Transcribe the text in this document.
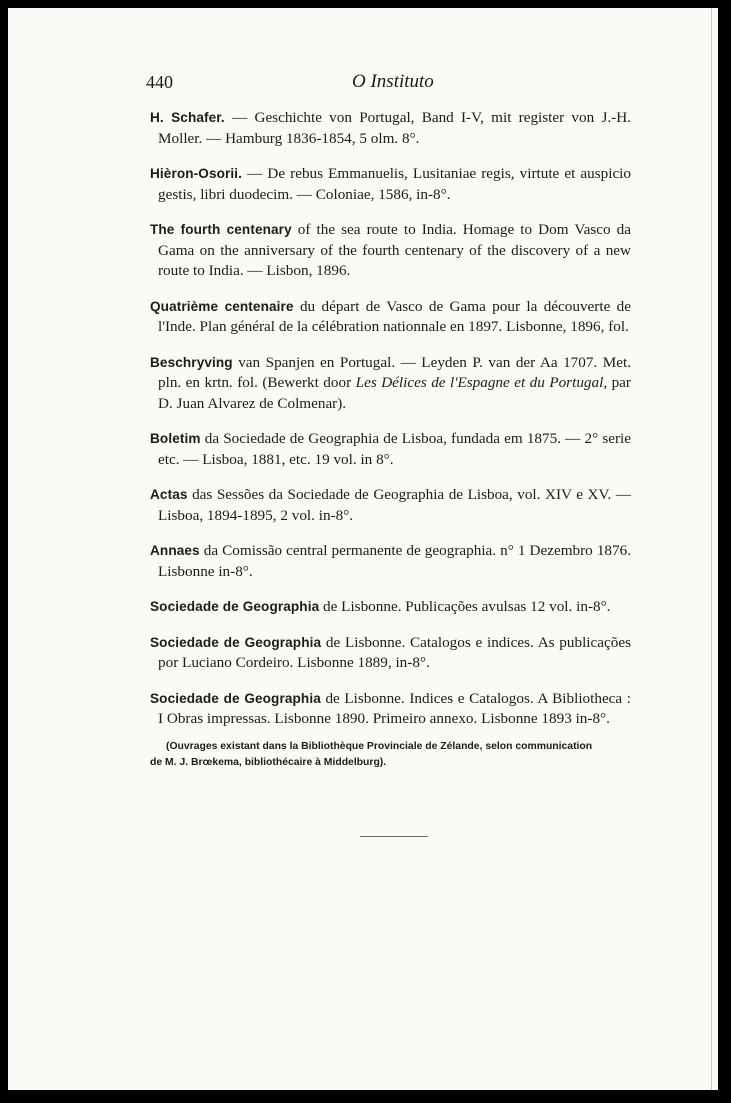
440	O Instituto

H. Schafer. — Geschichte von Portugal, Band I-V, mit register von J.-H. Moller. — Hamburg 1836-1854, 5 olm. 8°.

Hièron-Osorii. — De rebus Emmanuelis, Lusitaniae regis, virtute et auspicio gestis, libri duodecim. — Coloniae, 1586, in-8°.

The fourth centenary of the sea route to India. Homage to Dom Vasco da Gama on the anniversary of the fourth centenary of the discovery of a new route to India. — Lisbon, 1896.

Quatrième centenaire du départ de Vasco de Gama pour la découverte de l'Inde. Plan général de la célébration nationnale en 1897. Lisbonne, 1896, fol.

Beschryving van Spanjen en Portugal. — Leyden P. van der Aa 1707. Met. pln. en krtn. fol. (Bewerkt door Les Délices de l'Espagne et du Portugal, par D. Juan Alvarez de Colmenar).

Boletim da Sociedade de Geographia de Lisboa, fundada em 1875. — 2° serie etc. — Lisboa, 1881, etc. 19 vol. in 8°.

Actas das Sessões da Sociedade de Geographia de Lisboa, vol. XIV e XV. — Lisboa, 1894-1895, 2 vol. in-8°.

Annaes da Comissão central permanente de geographia. n° 1 Dezembro 1876. Lisbonne in-8°.

Sociedade de Geographia de Lisbonne. Publicações avulsas 12 vol. in-8°.

Sociedade de Geographia de Lisbonne. Catalogos e indices. As publicações por Luciano Cordeiro. Lisbonne 1889, in-8°.

Sociedade de Geographia de Lisbonne. Indices e Catalogos. A Bibliotheca : I Obras impressas. Lisbonne 1890. Primeiro annexo. Lisbonne 1893 in-8°.

(Ouvrages existant dans la Bibliothèque Provinciale de Zélande, selon communication
de M. J. Brœkema, bibliothécaire à Middelburg).
